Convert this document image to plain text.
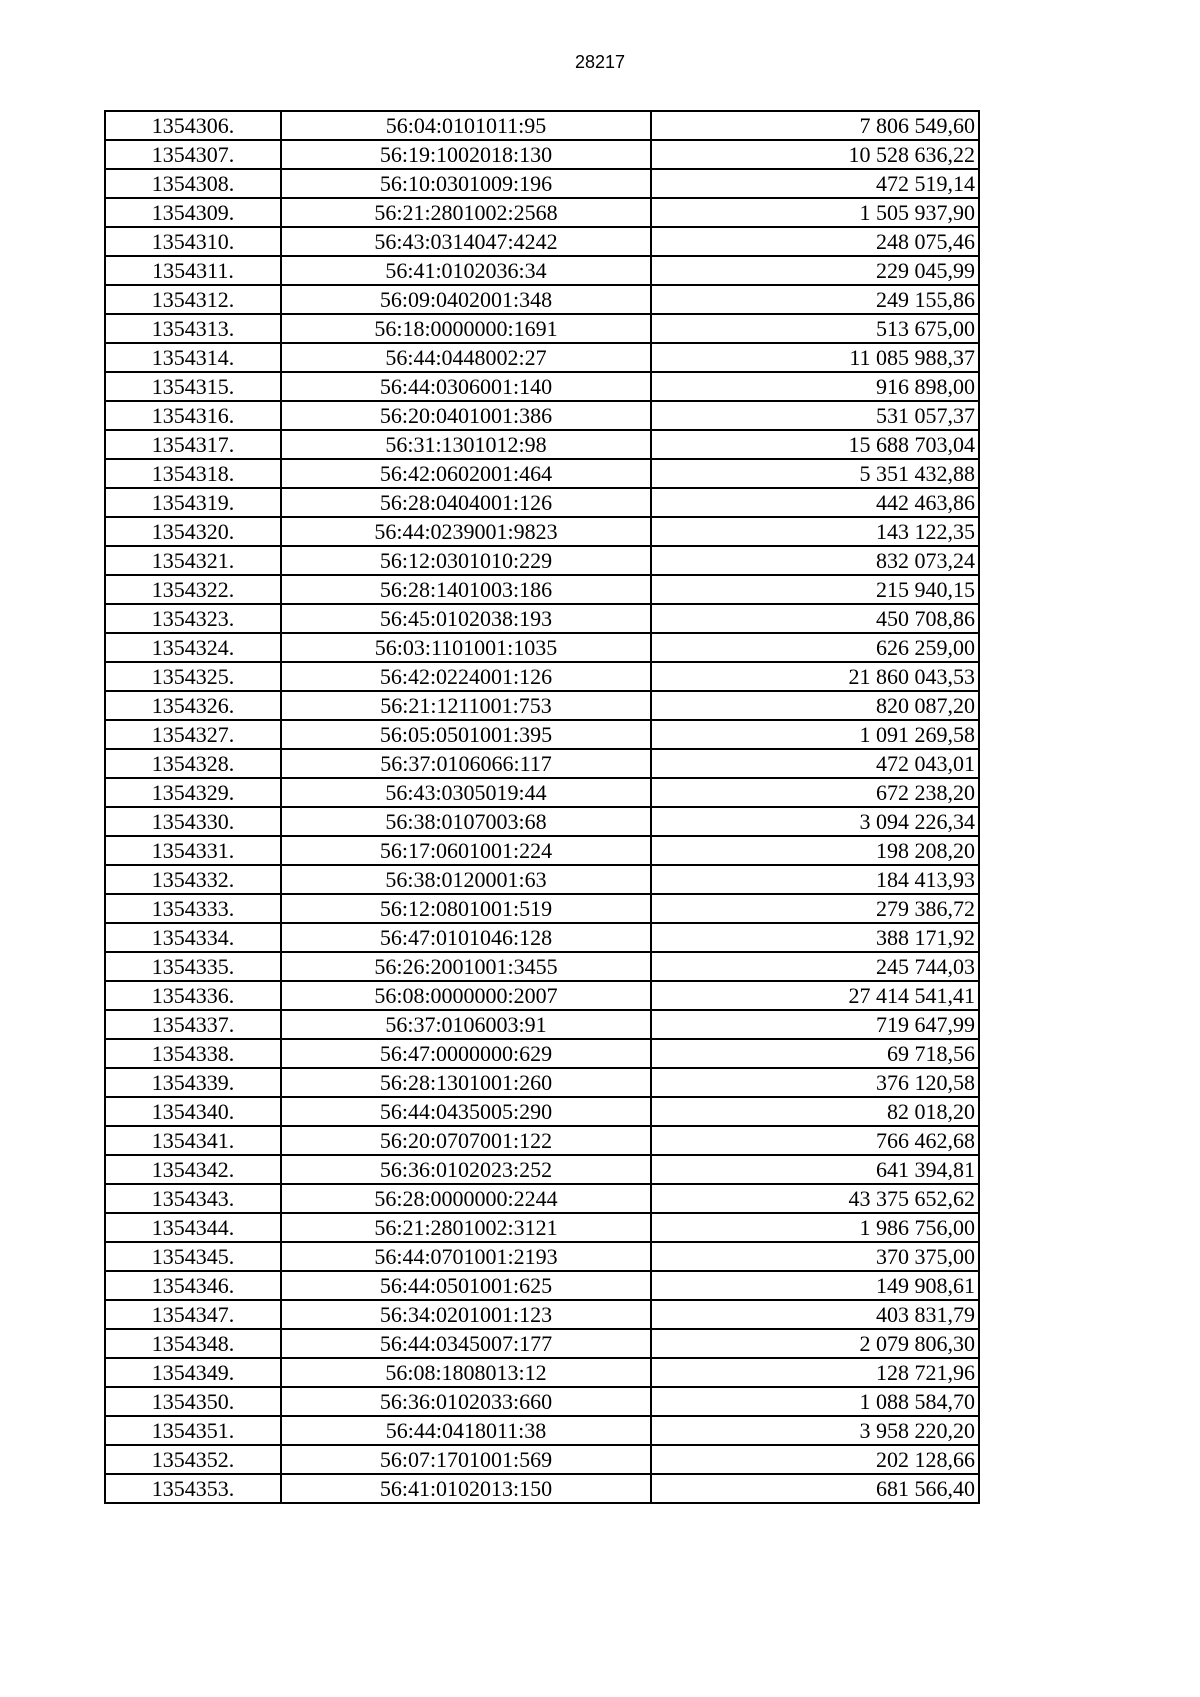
28217
1354306.	56:04:0101011:95	7 806 549,60
1354307.	56:19:1002018:130	10 528 636,22
1354308.	56:10:0301009:196	472 519,14
1354309.	56:21:2801002:2568	1 505 937,90
1354310.	56:43:0314047:4242	248 075,46
1354311.	56:41:0102036:34	229 045,99
1354312.	56:09:0402001:348	249 155,86
1354313.	56:18:0000000:1691	513 675,00
1354314.	56:44:0448002:27	11 085 988,37
1354315.	56:44:0306001:140	916 898,00
1354316.	56:20:0401001:386	531 057,37
1354317.	56:31:1301012:98	15 688 703,04
1354318.	56:42:0602001:464	5 351 432,88
1354319.	56:28:0404001:126	442 463,86
1354320.	56:44:0239001:9823	143 122,35
1354321.	56:12:0301010:229	832 073,24
1354322.	56:28:1401003:186	215 940,15
1354323.	56:45:0102038:193	450 708,86
1354324.	56:03:1101001:1035	626 259,00
1354325.	56:42:0224001:126	21 860 043,53
1354326.	56:21:1211001:753	820 087,20
1354327.	56:05:0501001:395	1 091 269,58
1354328.	56:37:0106066:117	472 043,01
1354329.	56:43:0305019:44	672 238,20
1354330.	56:38:0107003:68	3 094 226,34
1354331.	56:17:0601001:224	198 208,20
1354332.	56:38:0120001:63	184 413,93
1354333.	56:12:0801001:519	279 386,72
1354334.	56:47:0101046:128	388 171,92
1354335.	56:26:2001001:3455	245 744,03
1354336.	56:08:0000000:2007	27 414 541,41
1354337.	56:37:0106003:91	719 647,99
1354338.	56:47:0000000:629	69 718,56
1354339.	56:28:1301001:260	376 120,58
1354340.	56:44:0435005:290	82 018,20
1354341.	56:20:0707001:122	766 462,68
1354342.	56:36:0102023:252	641 394,81
1354343.	56:28:0000000:2244	43 375 652,62
1354344.	56:21:2801002:3121	1 986 756,00
1354345.	56:44:0701001:2193	370 375,00
1354346.	56:44:0501001:625	149 908,61
1354347.	56:34:0201001:123	403 831,79
1354348.	56:44:0345007:177	2 079 806,30
1354349.	56:08:1808013:12	128 721,96
1354350.	56:36:0102033:660	1 088 584,70
1354351.	56:44:0418011:38	3 958 220,20
1354352.	56:07:1701001:569	202 128,66
1354353.	56:41:0102013:150	681 566,40
